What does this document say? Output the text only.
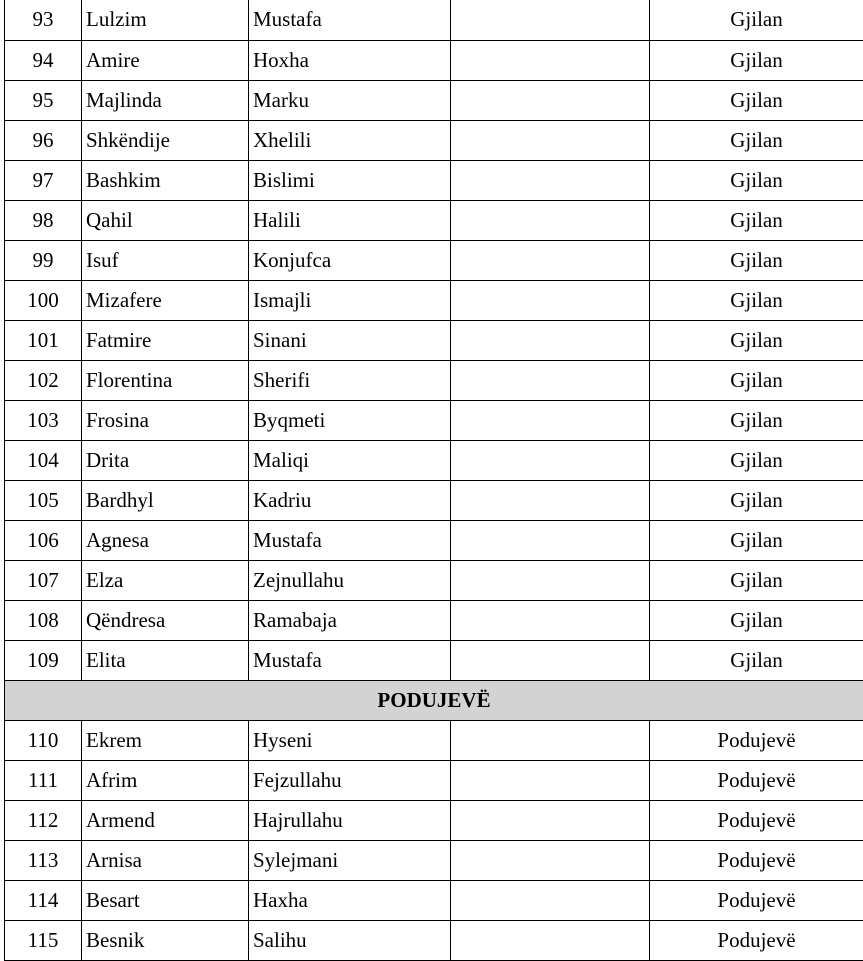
93	Lulzim	Mustafa		Gjilan
94	Amire	Hoxha		Gjilan
95	Majlinda	Marku		Gjilan
96	Shkëndije	Xhelili		Gjilan
97	Bashkim	Bislimi		Gjilan
98	Qahil	Halili		Gjilan
99	Isuf	Konjufca		Gjilan
100	Mizafere	Ismajli		Gjilan
101	Fatmire	Sinani		Gjilan
102	Florentina	Sherifi		Gjilan
103	Frosina	Byqmeti		Gjilan
104	Drita	Maliqi		Gjilan
105	Bardhyl	Kadriu		Gjilan
106	Agnesa	Mustafa		Gjilan
107	Elza	Zejnullahu		Gjilan
108	Qëndresa	Ramabaja		Gjilan
109	Elita	Mustafa		Gjilan
PODUJEVË				
110	Ekrem	Hyseni		Podujevë
111	Afrim	Fejzullahu		Podujevë
112	Armend	Hajrullahu		Podujevë
113	Arnisa	Sylejmani		Podujevë
114	Besart	Haxha		Podujevë
115	Besnik	Salihu		Podujevë
